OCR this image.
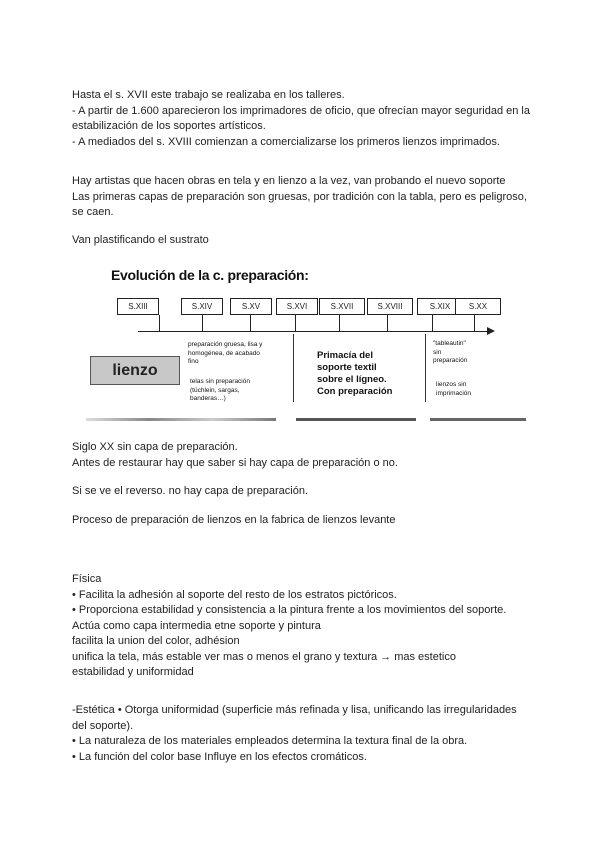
Hasta el s. XVII este trabajo se realizaba en los talleres.
- A partir de 1.600 aparecieron los imprimadores de oficio, que ofrecían mayor seguridad en la estabilización de los soportes artísticos.
- A mediados del s. XVIII comienzan a comercializarse los primeros lienzos imprimados.
Hay artistas que hacen obras en tela y en lienzo a la vez, van probando el nuevo soporte
Las primeras capas de preparación son gruesas, por tradición con la tabla, pero es peligroso, se caen.

Van plastificando el sustrato

Evolución de la c. preparación:
S.XIII	S.XIV	S.XV	S.XVI	S.XVII	S.XVIII	S.XIX	S.XX
lienzo
preparación gruesa, lisa y
homogénea, de acabado
fino
telas sin preparación
(tüchlein, sargas,
banderas…)
Primacía del
soporte textil
sobre el lígneo.
Con preparación
"tableautin"
sin
preparación
lienzos sin
imprimación
Siglo XX sin capa de preparación.
Antes de restaurar hay que saber si hay capa de preparación o no.

Si se ve el reverso. no hay capa de preparación.

Proceso de preparación de lienzos en la fabrica de lienzos levante

Física
• Facilita la adhesión al soporte del resto de los estratos pictóricos.
• Proporciona estabilidad y consistencia a la pintura frente a los movimientos del soporte.
Actúa como capa intermedia etne soporte y pintura
facilita la union del color, adhésion
unifica la tela, más estable ver mas o menos el grano y textura → mas estetico
estabilidad y uniformidad
-Estética • Otorga uniformidad (superficie más refinada y lisa, unificando las irregularidades del soporte).
• La naturaleza de los materiales empleados determina la textura final de la obra.
• La función del color base Influye en los efectos cromáticos.
